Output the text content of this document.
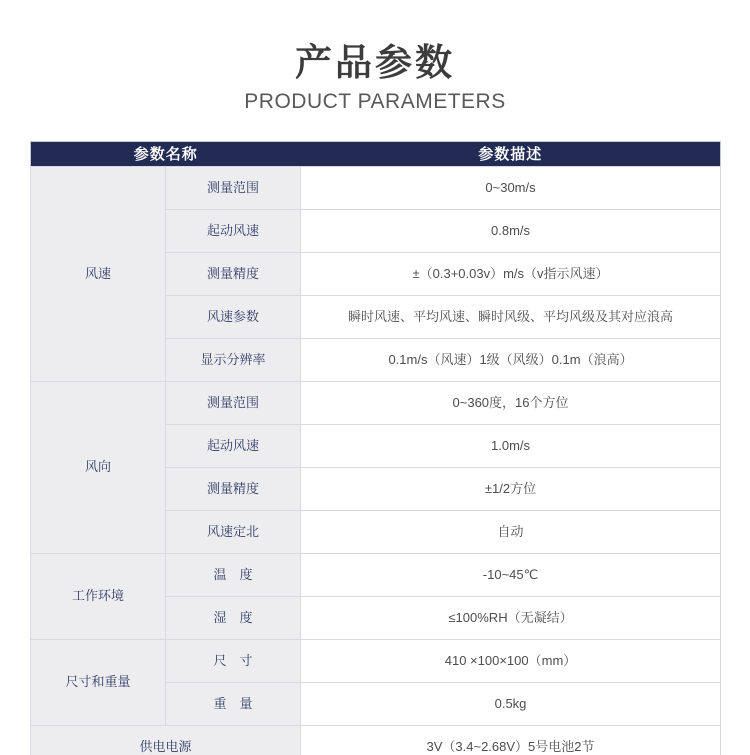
产品参数
PRODUCT PARAMETERS
参数名称		参数描述
风速	测量范围	0~30m/s
	起动风速	0.8m/s
	测量精度	±（0.3+0.03v）m/s（v指示风速）
	风速参数	瞬时风速、平均风速、瞬时风级、平均风级及其对应浪高
	显示分辨率	0.1m/s（风速）1级（风级）0.1m（浪高）
风向	测量范围	0~360度，16个方位
	起动风速	1.0m/s
	测量精度	±1/2方位
	风速定北	自动
工作环境	温　度	-10~45℃
	湿　度	≤100%RH（无凝结）
尺寸和重量	尺　寸	410 ×100×100（mm）
	重　量	0.5kg
供电电源		3V（3.4~2.68V）5号电池2节
